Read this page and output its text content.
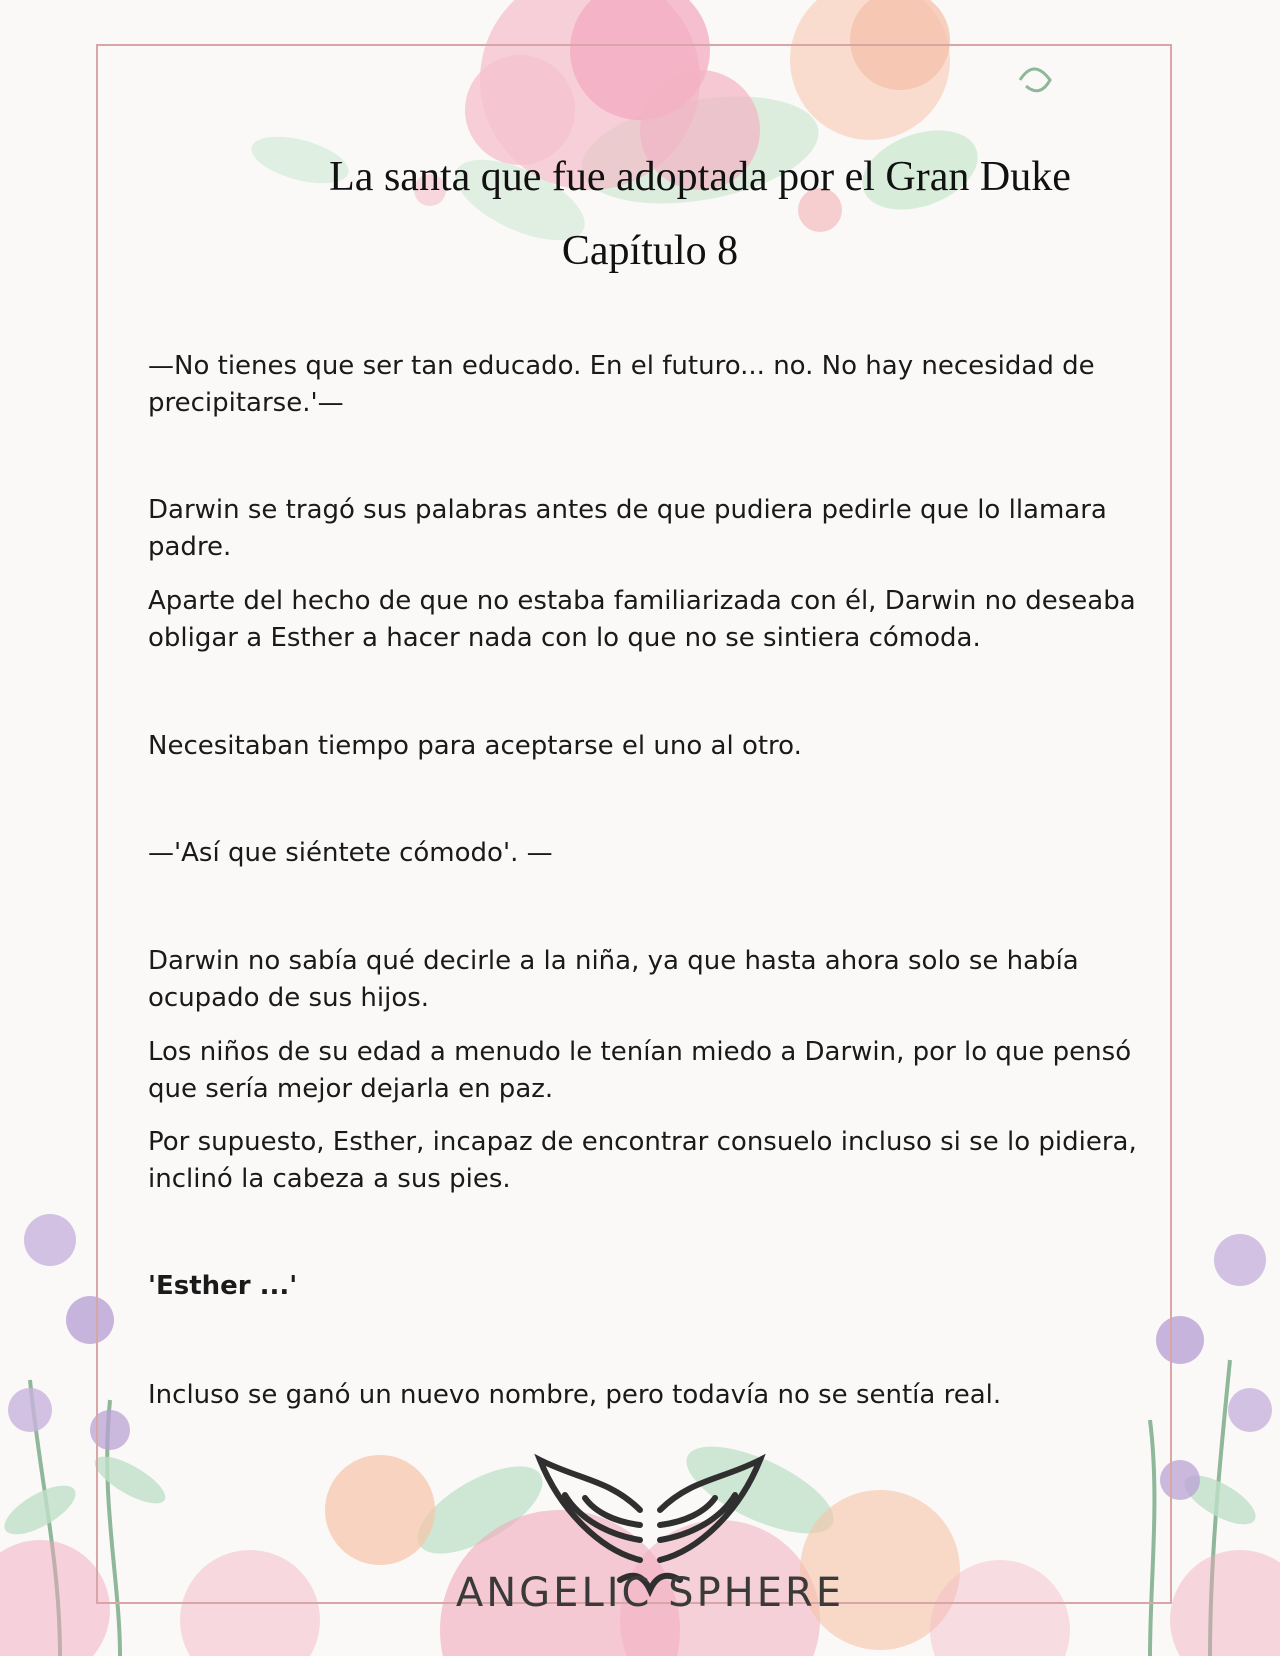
La santa que fue adoptada por el Gran Duke
Capítulo 8

—No tienes que ser tan educado. En el futuro... no. No hay necesidad de precipitarse.'—

Darwin se tragó sus palabras antes de que pudiera pedirle que lo llamara padre.

Aparte del hecho de que no estaba familiarizada con él, Darwin no deseaba obligar a Esther a hacer nada con lo que no se sintiera cómoda.

Necesitaban tiempo para aceptarse el uno al otro.

—'Así que siéntete cómodo'. —

Darwin no sabía qué decirle a la niña, ya que hasta ahora solo se había ocupado de sus hijos.

Los niños de su edad a menudo le tenían miedo a Darwin, por lo que pensó que sería mejor dejarla en paz.

Por supuesto, Esther, incapaz de encontrar consuelo incluso si se lo pidiera, inclinó la cabeza a sus pies.

'Esther ...'

Incluso se ganó un nuevo nombre, pero todavía no se sentía real.

ANGELIC SPHERE
